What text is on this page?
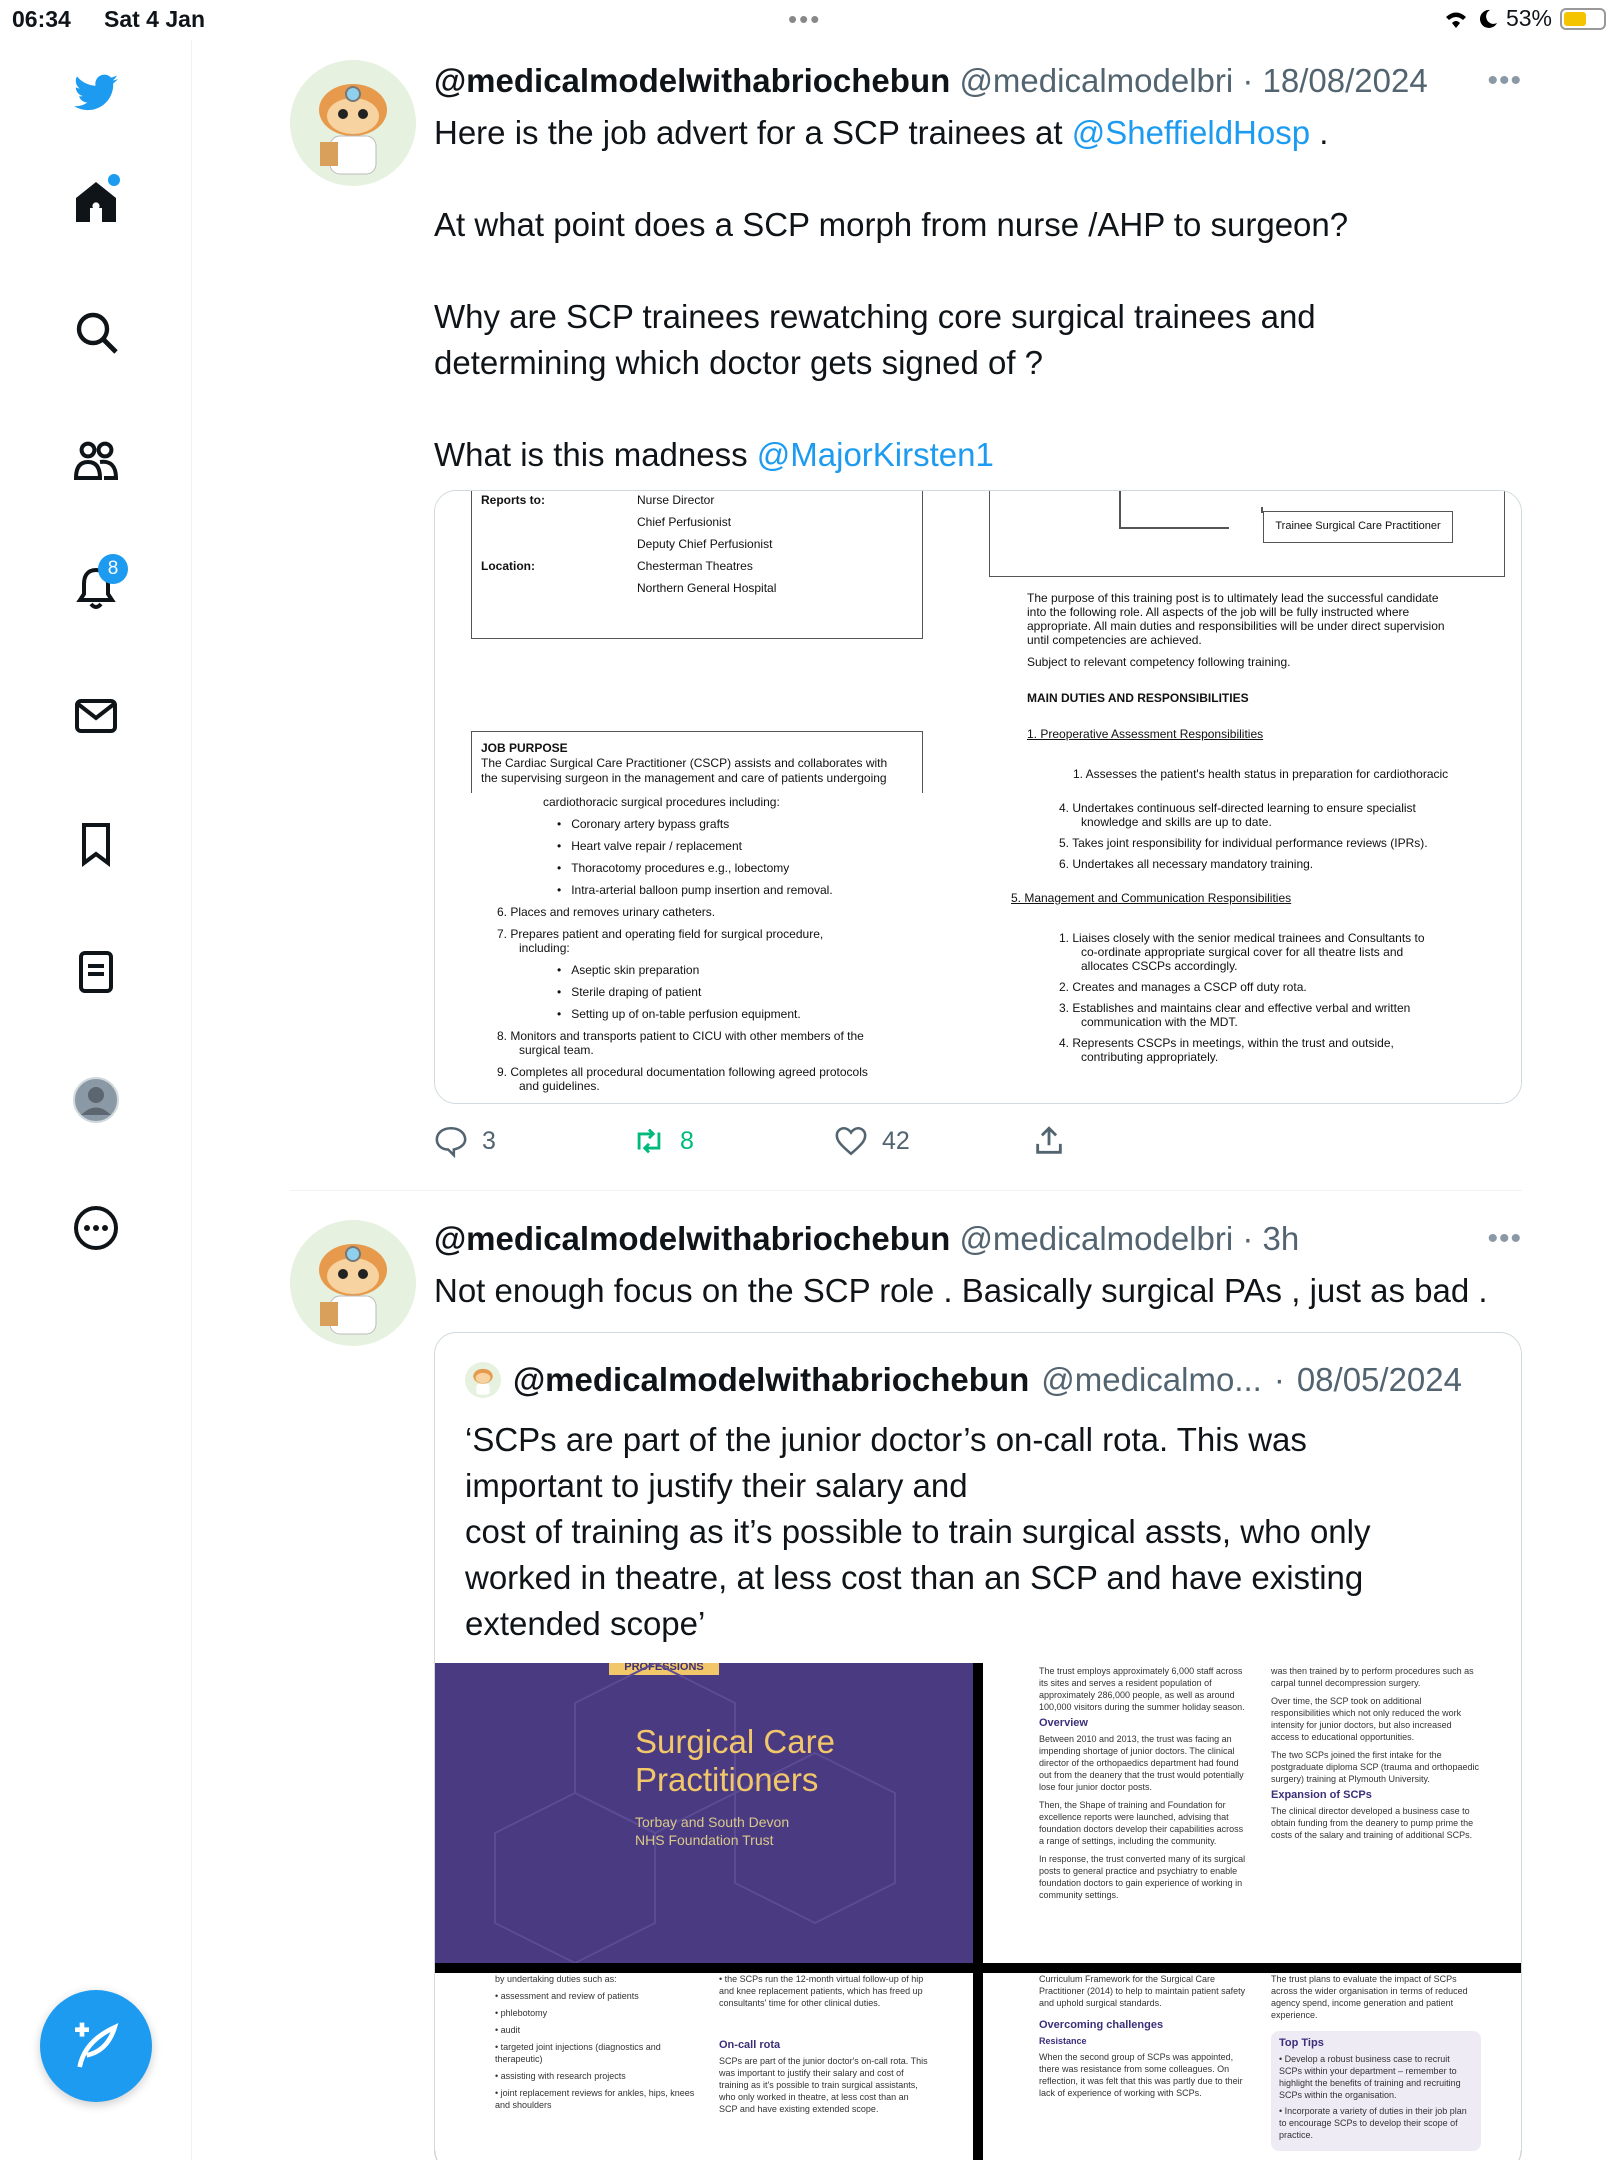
06:34 Sat 4 Jan	•••	53%
8
@medicalmodelwithabriochebun @medicalmodelbri · 18/08/2024 •••
Here is the job advert for a SCP trainees at @SheffieldHosp .
At what point does a SCP morph from nurse /AHP to surgeon?
Why are SCP trainees rewatching core surgical trainees and
determining which doctor gets signed of ?
What is this madness @MajorKirsten1
Reports to:	Nurse Director
Chief Perfusionist
Deputy Chief Perfusionist
Location:	Chesterman Theatres
Northern General Hospital
JOB PURPOSE
The Cardiac Surgical Care Practitioner (CSCP) assists and collaborates with
the supervising surgeon in the management and care of patients undergoing
cardiothoracic surgical procedures including:
•   Coronary artery bypass grafts
•   Heart valve repair / replacement
•   Thoracotomy procedures e.g., lobectomy
•   Intra-arterial balloon pump insertion and removal.
6. Places and removes urinary catheters.
7. Prepares patient and operating field for surgical procedure,
including:
•   Aseptic skin preparation
•   Sterile draping of patient
•   Setting up of on-table perfusion equipment.
8. Monitors and transports patient to CICU with other members of the
surgical team.
9. Completes all procedural documentation following agreed protocols
and guidelines.
Trainee Surgical Care Practitioner
The purpose of this training post is to ultimately lead the successful candidate
into the following role. All aspects of the job will be fully instructed where
appropriate. All main duties and responsibilities will be under direct supervision
until competencies are achieved.
Subject to relevant competency following training.
MAIN DUTIES AND RESPONSIBILITIES
1. Preoperative Assessment Responsibilities
1. Assesses the patient's health status in preparation for cardiothoracic
4. Undertakes continuous self-directed learning to ensure specialist
knowledge and skills are up to date.
5. Takes joint responsibility for individual performance reviews (IPRs).
6. Undertakes all necessary mandatory training.
5. Management and Communication Responsibilities
1. Liaises closely with the senior medical trainees and Consultants to
co-ordinate appropriate surgical cover for all theatre lists and
allocates CSCPs accordingly.
2. Creates and manages a CSCP off duty rota.
3. Establishes and maintains clear and effective verbal and written
communication with the MDT.
4. Represents CSCPs in meetings, within the trust and outside,
contributing appropriately.
3	8	42
@medicalmodelwithabriochebun @medicalmodelbri · 3h	•••
Not enough focus on the SCP role . Basically surgical PAs , just as bad .
@medicalmodelwithabriochebun @medicalmo... · 08/05/2024
‘SCPs are part of the junior doctor’s on-call rota. This was
important to justify their salary and
cost of training as it’s possible to train surgical assts, who only
worked in theatre, at less cost than an SCP and have existing
extended scope’
PROFESSIONS
Surgical Care
Practitioners
Torbay and South Devon
NHS Foundation Trust
The trust employs approximately 6,000 staff across its sites and serves a resident population of approximately 286,000 people, as well as around 100,000 visitors during the summer holiday season.
Overview
Between 2010 and 2013, the trust was facing an impending shortage of junior doctors. The clinical director of the orthopaedics department had found out from the deanery that the trust would potentially lose four junior doctor posts.
Then, the Shape of training and Foundation for excellence reports were launched, advising that foundation doctors develop their capabilities across a range of settings, including the community.
In response, the trust converted many of its surgical posts to general practice and psychiatry to enable foundation doctors to gain experience of working in community settings.
was then trained by to perform procedures such as carpal tunnel decompression surgery.
Over time, the SCP took on additional responsibilities which not only reduced the work intensity for junior doctors, but also increased access to educational opportunities.
The two SCPs joined the first intake for the postgraduate diploma SCP (trauma and orthopaedic surgery) training at Plymouth University.
Expansion of SCPs
The clinical director developed a business case to obtain funding from the deanery to pump prime the costs of the salary and training of additional SCPs.
by undertaking duties such as:
• assessment and review of patients
• phlebotomy
• audit
• targeted joint injections (diagnostics and therapeutic)
• assisting with research projects
• joint replacement reviews for ankles, hips, knees and shoulders
• the SCPs run the 12-month virtual follow-up of hip and knee replacement patients, which has freed up consultants' time for other clinical duties.
On-call rota
SCPs are part of the junior doctor's on-call rota. This was important to justify their salary and cost of training as it's possible to train surgical assistants, who only worked in theatre, at less cost than an SCP and have existing extended scope.
Curriculum Framework for the Surgical Care Practitioner (2014) to help to maintain patient safety and uphold surgical standards.
Overcoming challenges
Resistance
When the second group of SCPs was appointed, there was resistance from some colleagues. On reflection, it was felt that this was partly due to their lack of experience of working with SCPs.
The trust plans to evaluate the impact of SCPs across the wider organisation in terms of reduced agency spend, income generation and patient experience.
Top Tips
• Develop a robust business case to recruit SCPs within your department – remember to highlight the benefits of training and recruiting SCPs within the organisation.
• Incorporate a variety of duties in their job plan to encourage SCPs to develop their scope of practice.
